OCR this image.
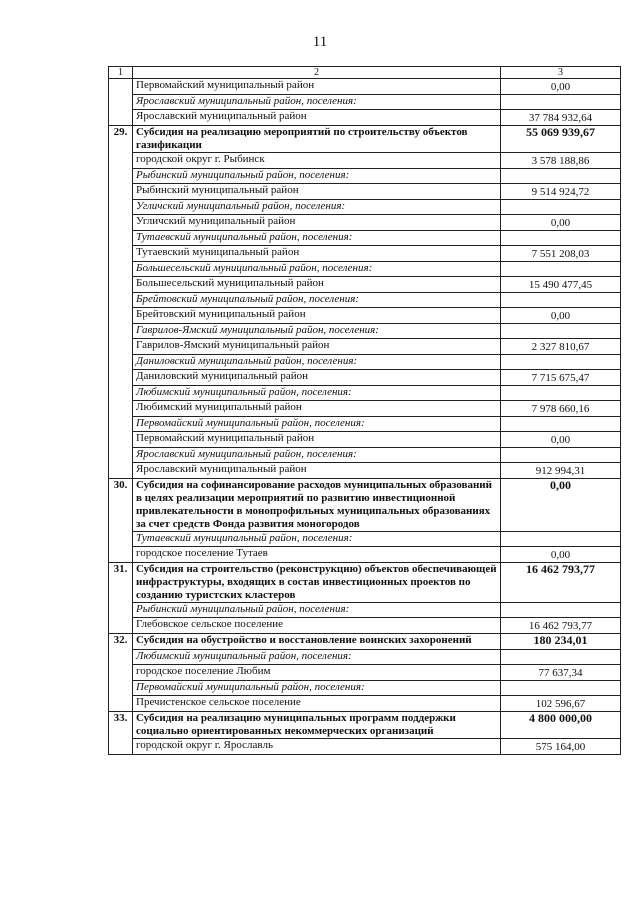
11
1	2	3
	Первомайский муниципальный район	0,00
	Ярославский муниципальный район, поселения:	
	Ярославский муниципальный район	37 784 932,64
29.	Субсидия на реализацию мероприятий по строительству объектов газификации	55 069 939,67
	городской округ г. Рыбинск	3 578 188,86
	Рыбинский муниципальный район, поселения:	
	Рыбинский муниципальный район	9 514 924,72
	Угличский муниципальный район, поселения:	
	Угличский муниципальный район	0,00
	Тутаевский муниципальный район, поселения:	
	Тутаевский муниципальный район	7 551 208,03
	Большесельский муниципальный район, поселения:	
	Большесельский муниципальный район	15 490 477,45
	Брейтовский муниципальный район, поселения:	
	Брейтовский муниципальный район	0,00
	Гаврилов-Ямский муниципальный район, поселения:	
	Гаврилов-Ямский муниципальный район	2 327 810,67
	Даниловский муниципальный район, поселения:	
	Даниловский муниципальный район	7 715 675,47
	Любимский муниципальный район, поселения:	
	Любимский муниципальный район	7 978 660,16
	Первомайский муниципальный район, поселения:	
	Первомайский муниципальный район	0,00
	Ярославский муниципальный район, поселения:	
	Ярославский муниципальный район	912 994,31
30.	Субсидия на софинансирование расходов муниципальных образований в целях реализации мероприятий по развитию инвестиционной привлекательности в монопрофильных муниципальных образованиях за счет средств Фонда развития моногородов	0,00
	Тутаевский муниципальный район, поселения:	
	городское поселение Тутаев	0,00
31.	Субсидия на строительство (реконструкцию) объектов обеспечивающей инфраструктуры, входящих в состав инвестиционных проектов по созданию туристских кластеров	16 462 793,77
	Рыбинский муниципальный район, поселения:	
	Глебовское сельское поселение	16 462 793,77
32.	Субсидия на обустройство и восстановление воинских захоронений	180 234,01
	Любимский муниципальный район, поселения:	
	городское поселение Любим	77 637,34
	Первомайский муниципальный район, поселения:	
	Пречистенское сельское поселение	102 596,67
33.	Субсидия на реализацию муниципальных программ поддержки социально ориентированных некоммерческих организаций	4 800 000,00
	городской округ г. Ярославль	575 164,00
